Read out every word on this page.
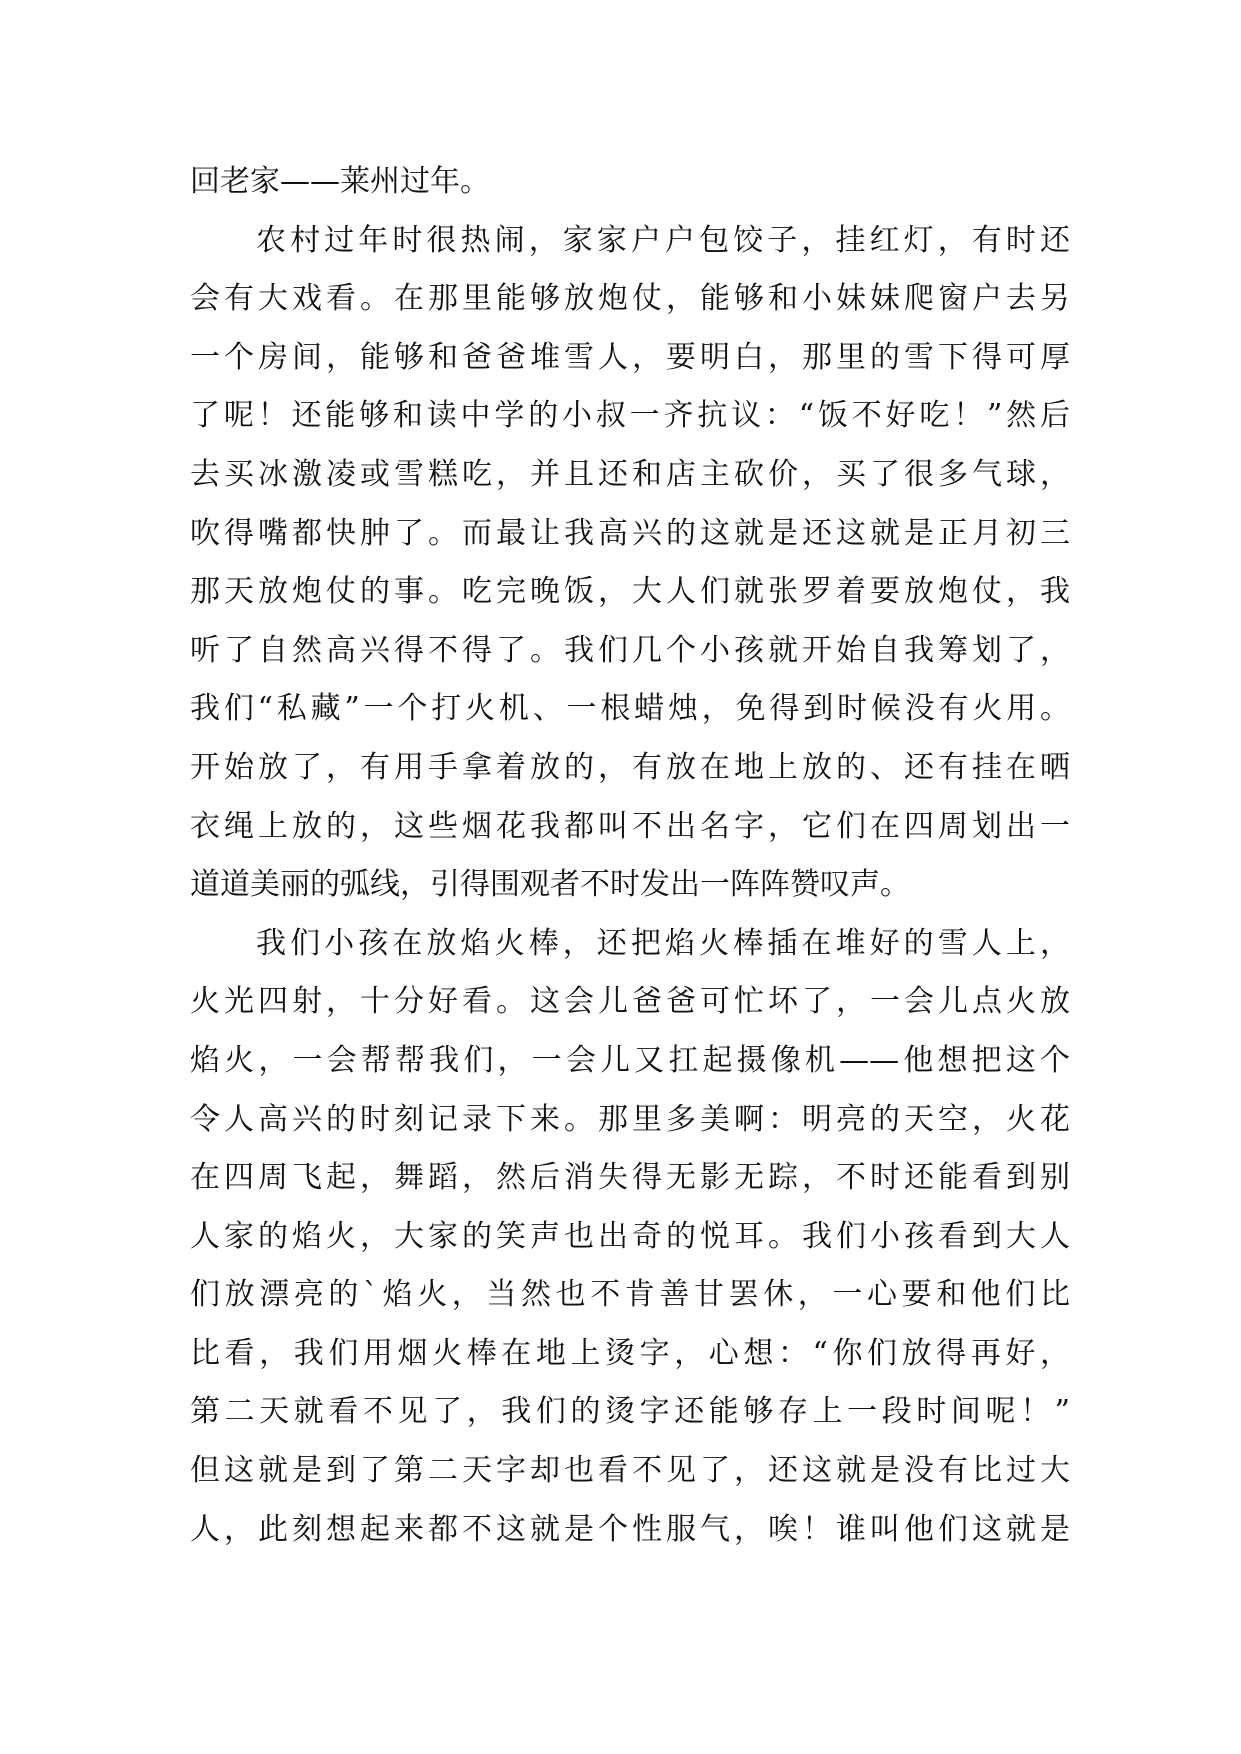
回老家——莱州过年。
农村过年时很热闹，家家户户包饺子，挂红灯，有时还
会有大戏看。在那里能够放炮仗，能够和小妹妹爬窗户去另
一个房间，能够和爸爸堆雪人，要明白，那里的雪下得可厚
了呢！还能够和读中学的小叔一齐抗议：“饭不好吃！”然后
去买冰激凌或雪糕吃，并且还和店主砍价，买了很多气球，
吹得嘴都快肿了。而最让我高兴的这就是还这就是正月初三
那天放炮仗的事。吃完晚饭，大人们就张罗着要放炮仗，我
听了自然高兴得不得了。我们几个小孩就开始自我筹划了，
我们“私藏”一个打火机、一根蜡烛，免得到时候没有火用。
开始放了，有用手拿着放的，有放在地上放的、还有挂在晒
衣绳上放的，这些烟花我都叫不出名字，它们在四周划出一
道道美丽的弧线，引得围观者不时发出一阵阵赞叹声。
我们小孩在放焰火棒，还把焰火棒插在堆好的雪人上，
火光四射，十分好看。这会儿爸爸可忙坏了，一会儿点火放
焰火，一会帮帮我们，一会儿又扛起摄像机——他想把这个
令人高兴的时刻记录下来。那里多美啊：明亮的天空，火花
在四周飞起，舞蹈，然后消失得无影无踪，不时还能看到别
人家的焰火，大家的笑声也出奇的悦耳。我们小孩看到大人
们放漂亮的`焰火，当然也不肯善甘罢休，一心要和他们比
比看，我们用烟火棒在地上烫字，心想：“你们放得再好，
第二天就看不见了，我们的烫字还能够存上一段时间呢！”
但这就是到了第二天字却也看不见了，还这就是没有比过大
人，此刻想起来都不这就是个性服气，唉！谁叫他们这就是
